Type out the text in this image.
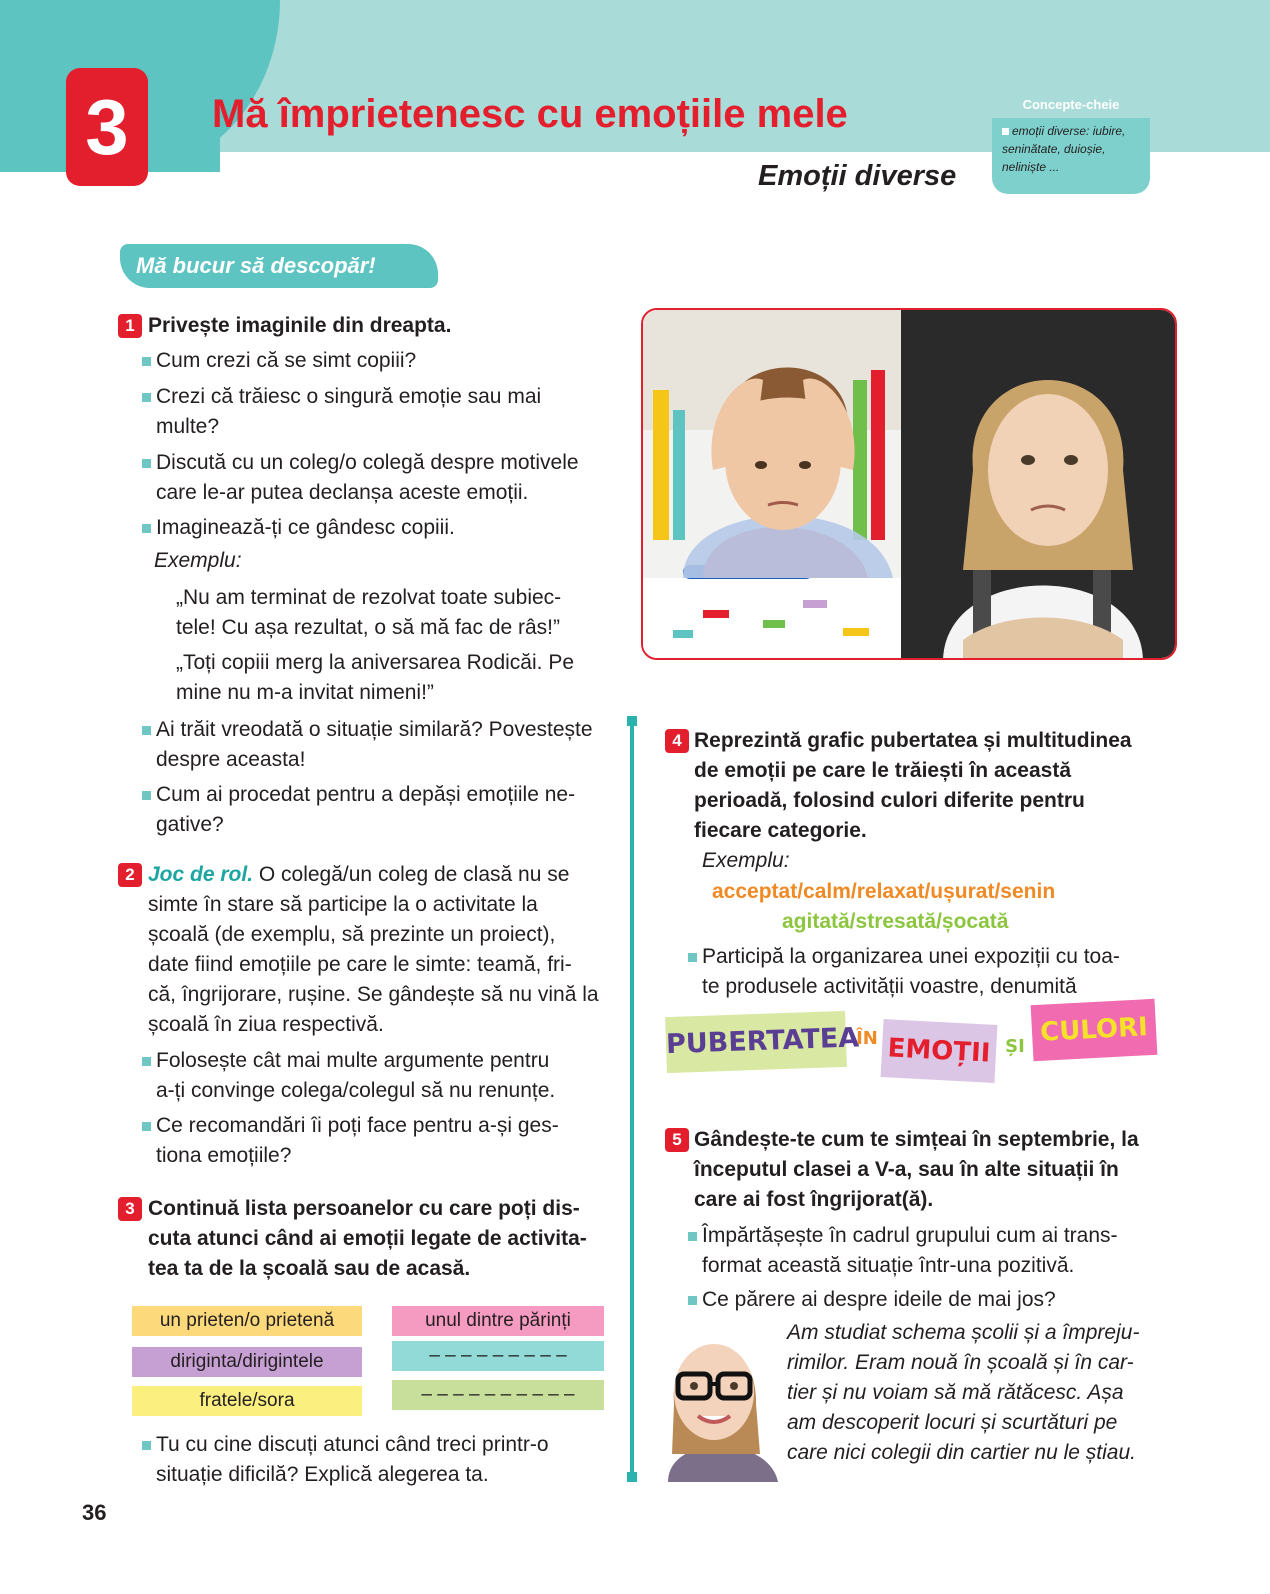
3	Mă împrietenesc cu emoțiile mele
Emoții diverse
Concepte-cheie
emoții diverse: iubire,
seninătate, duioșie,
neliniște ...
Mă bucur să descopăr!
1 Privește imaginile din dreapta.
Cum crezi că se simt copiii?
Crezi că trăiesc o singură emoție sau mai
multe?
Discută cu un coleg/o colegă despre motivele
care le-ar putea declanșa aceste emoții.
Imaginează-ți ce gândesc copiii.
Exemplu:
„Nu am terminat de rezolvat toate subiec-
tele! Cu așa rezultat, o să mă fac de râs!”
„Toți copiii merg la aniversarea Rodicăi. Pe
mine nu m-a invitat nimeni!”
Ai trăit vreodată o situație similară? Povestește
despre aceasta!
Cum ai procedat pentru a depăși emoțiile ne-
gative?
2 Joc de rol. O colegă/un coleg de clasă nu se
simte în stare să participe la o activitate la
școală (de exemplu, să prezinte un proiect),
date fiind emoțiile pe care le simte: teamă, fri-
că, îngrijorare, rușine. Se gândește să nu vină la
școală în ziua respectivă.
Folosește cât mai multe argumente pentru
a-ți convinge colega/colegul să nu renunțe.
Ce recomandări îi poți face pentru a-și ges-
tiona emoțiile?
3 Continuă lista persoanelor cu care poți dis-
cuta atunci când ai emoții legate de activita-
tea ta de la școală sau de acasă.
un prieten/o prietenă	unul dintre părinți
diriginta/dirigintele	– – – – – – – – –
fratele/sora	– – – – – – – – – –
Tu cu cine discuți atunci când treci printr-o
situație dificilă? Explică alegerea ta.
36
4 Reprezintă grafic pubertatea și multitudinea
de emoții pe care le trăiești în această
perioadă, folosind culori diferite pentru
fiecare categorie.
Exemplu:
acceptat/calm/relaxat/ușurat/senin
agitată/stresată/șocată
Participă la organizarea unei expoziții cu toa-
te produsele activității voastre, denumită
PUBERTATEA
ÎN EMOȚII ȘI CULORI
5 Gândește-te cum te simțeai în septembrie, la
începutul clasei a V-a, sau în alte situații în
care ai fost îngrijorat(ă).
Împărtășește în cadrul grupului cum ai trans-
format această situație într-una pozitivă.
Ce părere ai despre ideile de mai jos?
Am studiat schema școlii și a împreju-
rimilor. Eram nouă în școală și în car-
tier și nu voiam să mă rătăcesc. Așa
am descoperit locuri și scurtături pe
care nici colegii din cartier nu le știau.
